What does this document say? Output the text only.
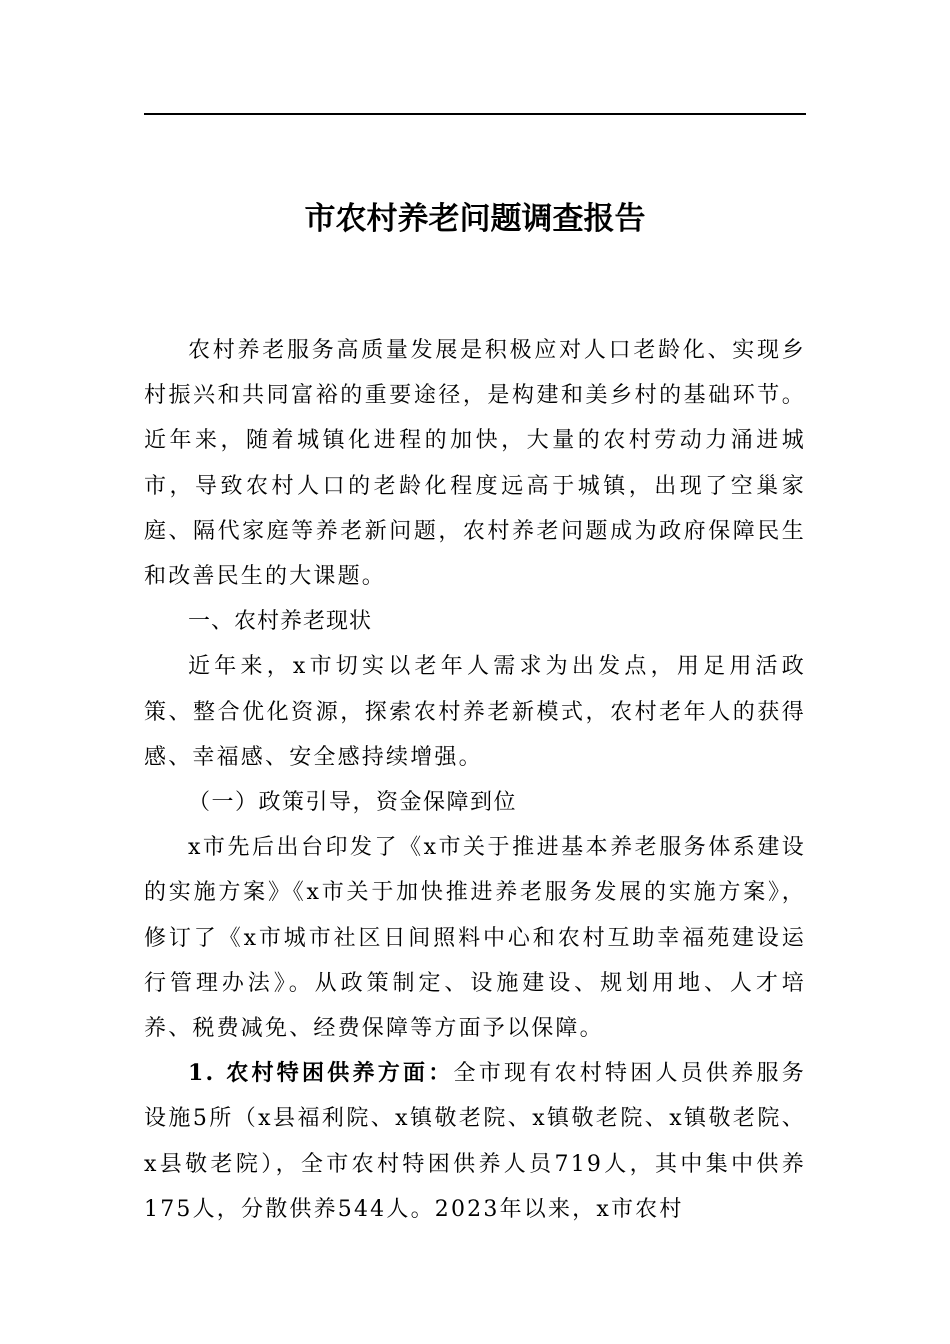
市农村养老问题调查报告

农村养老服务高质量发展是积极应对人口老龄化、实现乡村振兴和共同富裕的重要途径，是构建和美乡村的基础环节。近年来，随着城镇化进程的加快，大量的农村劳动力涌进城市，导致农村人口的老龄化程度远高于城镇，出现了空巢家庭、隔代家庭等养老新问题，农村养老问题成为政府保障民生和改善民生的大课题。

一、农村养老现状

近年来，x市切实以老年人需求为出发点，用足用活政策、整合优化资源，探索农村养老新模式，农村老年人的获得感、幸福感、安全感持续增强。

（一）政策引导，资金保障到位

x市先后出台印发了《x市关于推进基本养老服务体系建设的实施方案》《x市关于加快推进养老服务发展的实施方案》，修订了《x市城市社区日间照料中心和农村互助幸福苑建设运行管理办法》。从政策制定、设施建设、规划用地、人才培养、税费减免、经费保障等方面予以保障。

1. 农村特困供养方面：全市现有农村特困人员供养服务设施5所（x县福利院、x镇敬老院、x镇敬老院、x镇敬老院、x县敬老院），全市农村特困供养人员719人，其中集中供养175人，分散供养544人。2023年以来，x市农村
